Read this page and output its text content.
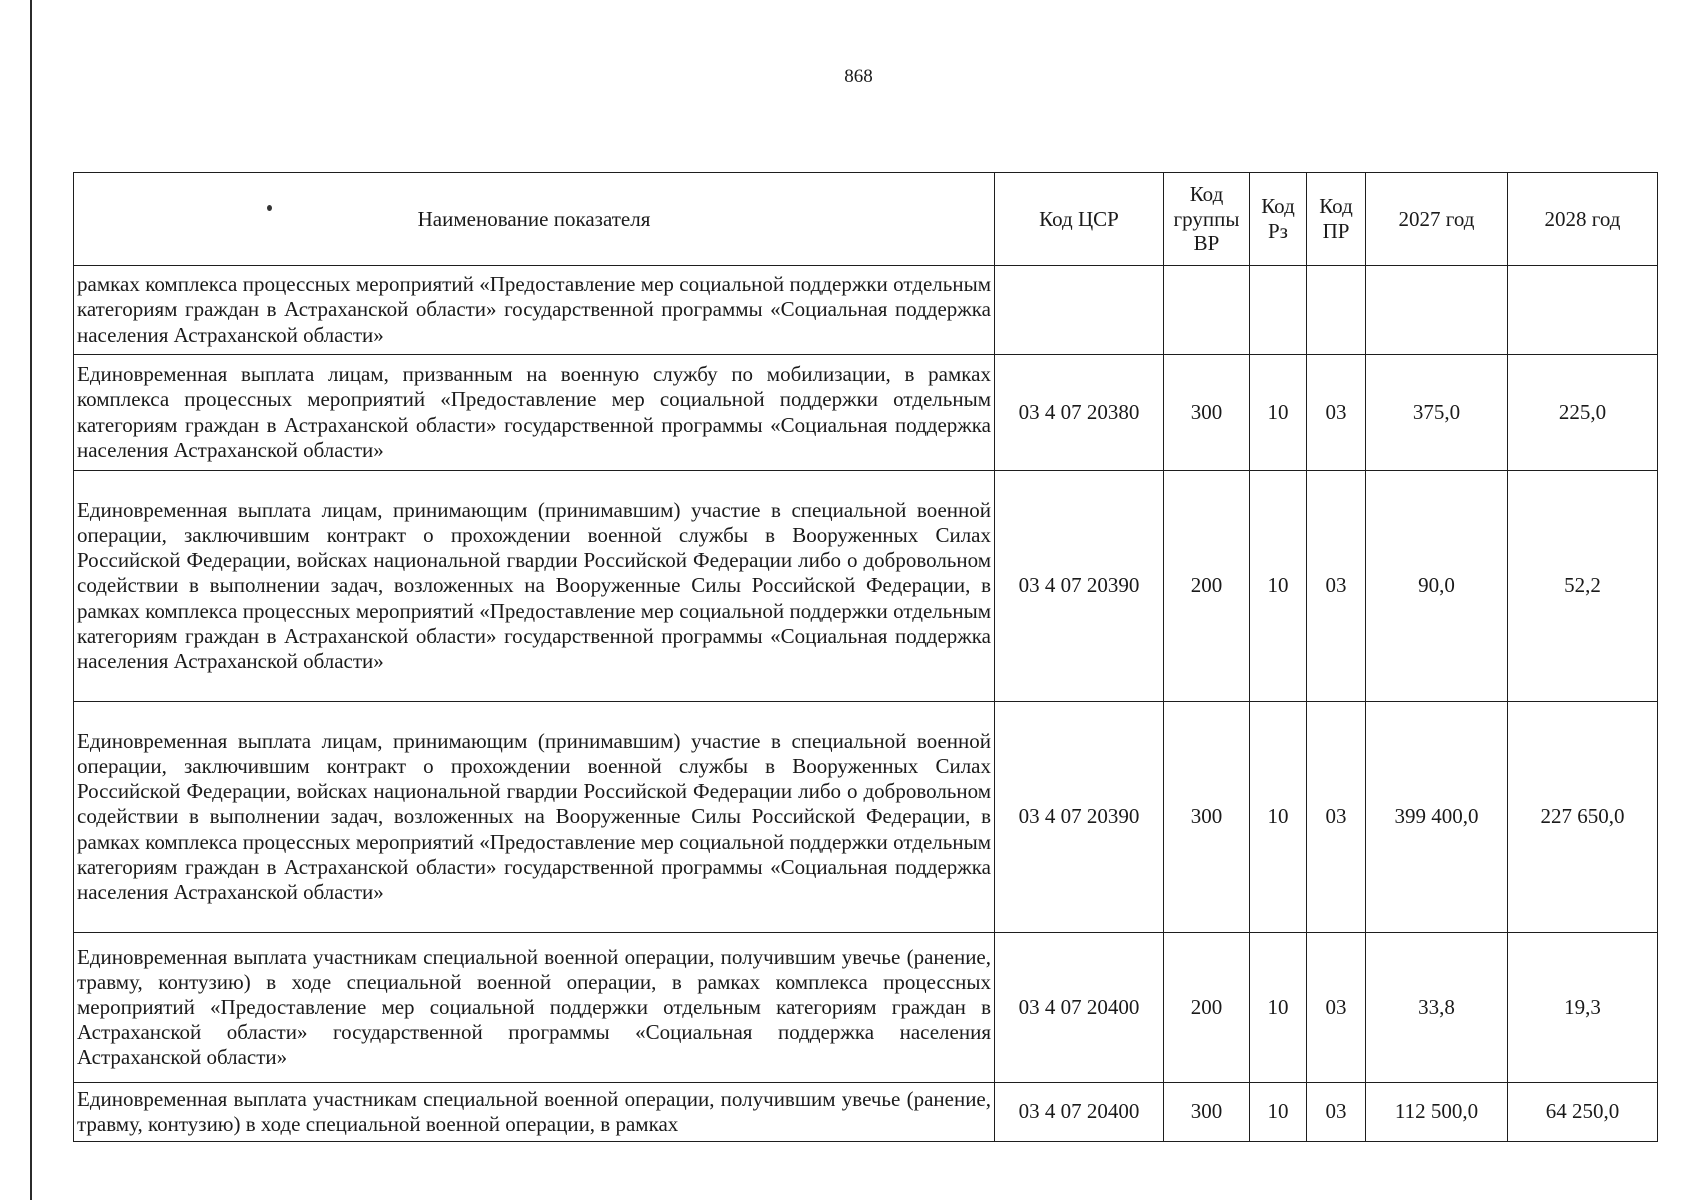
868
Наименование показателя	Код ЦСР	Код группы ВР	Код Рз	Код ПР	2027 год	2028 год
рамках комплекса процессных мероприятий «Предоставление мер социальной поддержки отдельным категориям граждан в Астраханской области» государственной программы «Социальная поддержка населения Астраханской области»						
Единовременная выплата лицам, призванным на военную службу по мобилизации, в рамках комплекса процессных мероприятий «Предоставление мер социальной поддержки отдельным категориям граждан в Астраханской области» государственной программы «Социальная поддержка населения Астраханской области»	03 4 07 20380	300	10	03	375,0	225,0
Единовременная выплата лицам, принимающим (принимавшим) участие в специальной военной операции, заключившим контракт о прохождении военной службы в Вооруженных Силах Российской Федерации, войсках национальной гвардии Российской Федерации либо о добровольном содействии в выполнении задач, возложенных на Вооруженные Силы Российской Федерации, в рамках комплекса процессных мероприятий «Предоставление мер социальной поддержки отдельным категориям граждан в Астраханской области» государственной программы «Социальная поддержка населения Астраханской области»	03 4 07 20390	200	10	03	90,0	52,2
Единовременная выплата лицам, принимающим (принимавшим) участие в специальной военной операции, заключившим контракт о прохождении военной службы в Вооруженных Силах Российской Федерации, войсках национальной гвардии Российской Федерации либо о добровольном содействии в выполнении задач, возложенных на Вооруженные Силы Российской Федерации, в рамках комплекса процессных мероприятий «Предоставление мер социальной поддержки отдельным категориям граждан в Астраханской области» государственной программы «Социальная поддержка населения Астраханской области»	03 4 07 20390	300	10	03	399 400,0	227 650,0
Единовременная выплата участникам специальной военной операции, получившим увечье (ранение, травму, контузию) в ходе специальной военной операции, в рамках комплекса процессных мероприятий «Предоставление мер социальной поддержки отдельным категориям граждан в Астраханской области» государственной программы «Социальная поддержка населения Астраханской области»	03 4 07 20400	200	10	03	33,8	19,3
Единовременная выплата участникам специальной военной операции, получившим увечье (ранение, травму, контузию) в ходе специальной военной операции, в рамках	03 4 07 20400	300	10	03	112 500,0	64 250,0
